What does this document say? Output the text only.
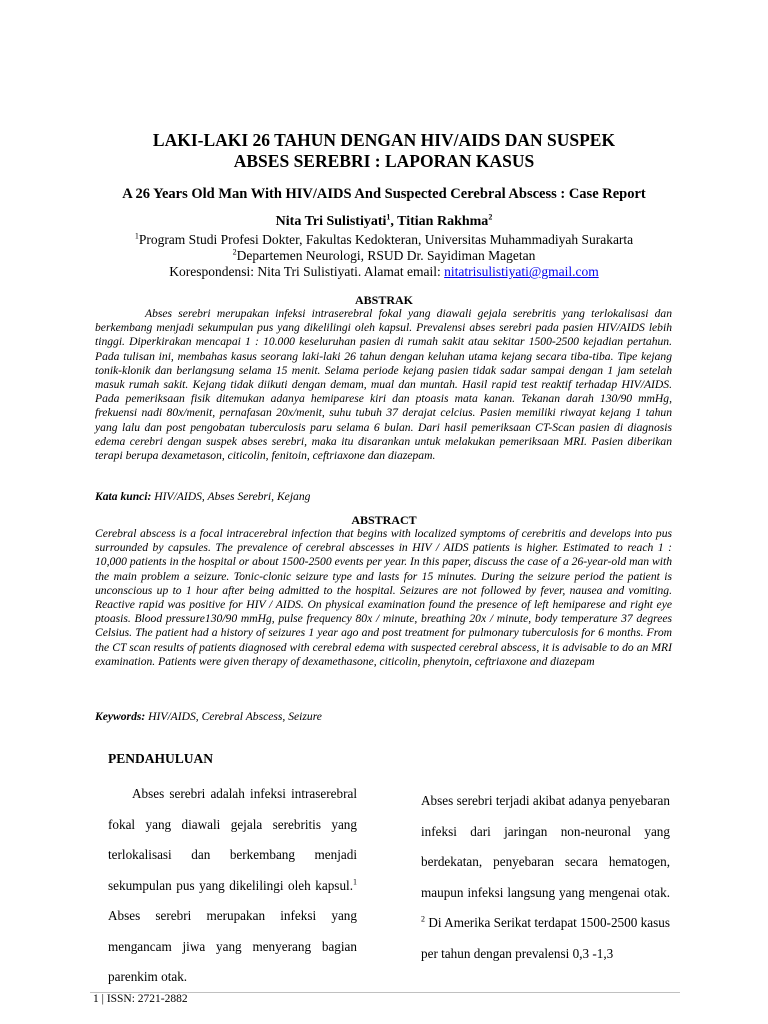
LAKI-LAKI 26 TAHUN DENGAN HIV/AIDS DAN SUSPEK
ABSES SEREBRI : LAPORAN KASUS
A 26 Years Old Man With HIV/AIDS And Suspected Cerebral Abscess : Case Report
Nita Tri Sulistiyati$^1$, Titian Rakhma$^2$
$^1$Program Studi Profesi Dokter, Fakultas Kedokteran, Universitas Muhammadiyah Surakarta
$^2$Departemen Neurologi, RSUD Dr. Sayidiman Magetan
Korespondensi: Nita Tri Sulistiyati. Alamat email: nitatrisulistiyati@gmail.com
ABSTRAK
Abses serebri merupakan infeksi intraserebral fokal yang diawali gejala serebritis yang terlokalisasi dan berkembang menjadi sekumpulan pus yang dikelilingi oleh kapsul. Prevalensi abses serebri pada pasien HIV/AIDS lebih tinggi. Diperkirakan mencapai 1 : 10.000 keseluruhan pasien di rumah sakit atau sekitar 1500-2500 kejadian pertahun. Pada tulisan ini, membahas kasus seorang laki-laki 26 tahun dengan keluhan utama kejang secara tiba-tiba. Tipe kejang tonik-klonik dan berlangsung selama 15 menit. Selama periode kejang pasien tidak sadar sampai dengan 1 jam setelah masuk rumah sakit. Kejang tidak diikuti dengan demam, mual dan muntah. Hasil rapid test reaktif terhadap HIV/AIDS. Pada pemeriksaan fisik ditemukan adanya hemiparese kiri dan ptoasis mata kanan. Tekanan darah 130/90 mmHg, frekuensi nadi 80x/menit, pernafasan 20x/menit, suhu tubuh 37 derajat celcius. Pasien memiliki riwayat kejang 1 tahun yang lalu dan post pengobatan tuberculosis paru selama 6 bulan. Dari hasil pemeriksaan CT-Scan pasien di diagnosis edema cerebri dengan suspek abses serebri, maka itu disarankan untuk melakukan pemeriksaan MRI. Pasien diberikan terapi berupa dexametason, citicolin, fenitoin, ceftriaxone dan diazepam.
Kata kunci: HIV/AIDS, Abses Serebri, Kejang
ABSTRACT
Cerebral abscess is a focal intracerebral infection that begins with localized symptoms of cerebritis and develops into pus surrounded by capsules. The prevalence of cerebral abscesses in HIV / AIDS patients is higher. Estimated to reach 1 : 10,000 patients in the hospital or about 1500-2500 events per year. In this paper, discuss the case of a 26-year-old man with the main problem a seizure. Tonic-clonic seizure type and lasts for 15 minutes. During the seizure period the patient is unconscious up to 1 hour after being admitted to the hospital. Seizures are not followed by fever, nausea and vomiting. Reactive rapid was positive for HIV / AIDS. On physical examination found the presence of left hemiparese and right eye ptoasis. Blood pressure130/90 mmHg, pulse frequency 80x / minute, breathing 20x / minute, body temperature 37 degrees Celsius. The patient had a history of seizures 1 year ago and post treatment for pulmonary tuberculosis for 6 months. From the CT scan results of patients diagnosed with cerebral edema with suspected cerebral abscess, it is advisable to do an MRI examination. Patients were given therapy of dexamethasone, citicolin, phenytoin, ceftriaxone and diazepam
Keywords: HIV/AIDS, Cerebral Abscess, Seizure
PENDAHULUAN
Abses serebri adalah infeksi intraserebral fokal yang diawali gejala serebritis yang terlokalisasi dan berkembang menjadi sekumpulan pus yang dikelilingi oleh kapsul.$^1$ Abses serebri merupakan infeksi yang mengancam jiwa yang menyerang bagian parenkim otak.
Abses serebri terjadi akibat adanya penyebaran infeksi dari jaringan non-neuronal yang berdekatan, penyebaran secara hematogen, maupun infeksi langsung yang mengenai otak. $^2$ Di Amerika Serikat terdapat 1500-2500 kasus per tahun dengan prevalensi 0,3 -1,3
1 | ISSN: 2721-2882
